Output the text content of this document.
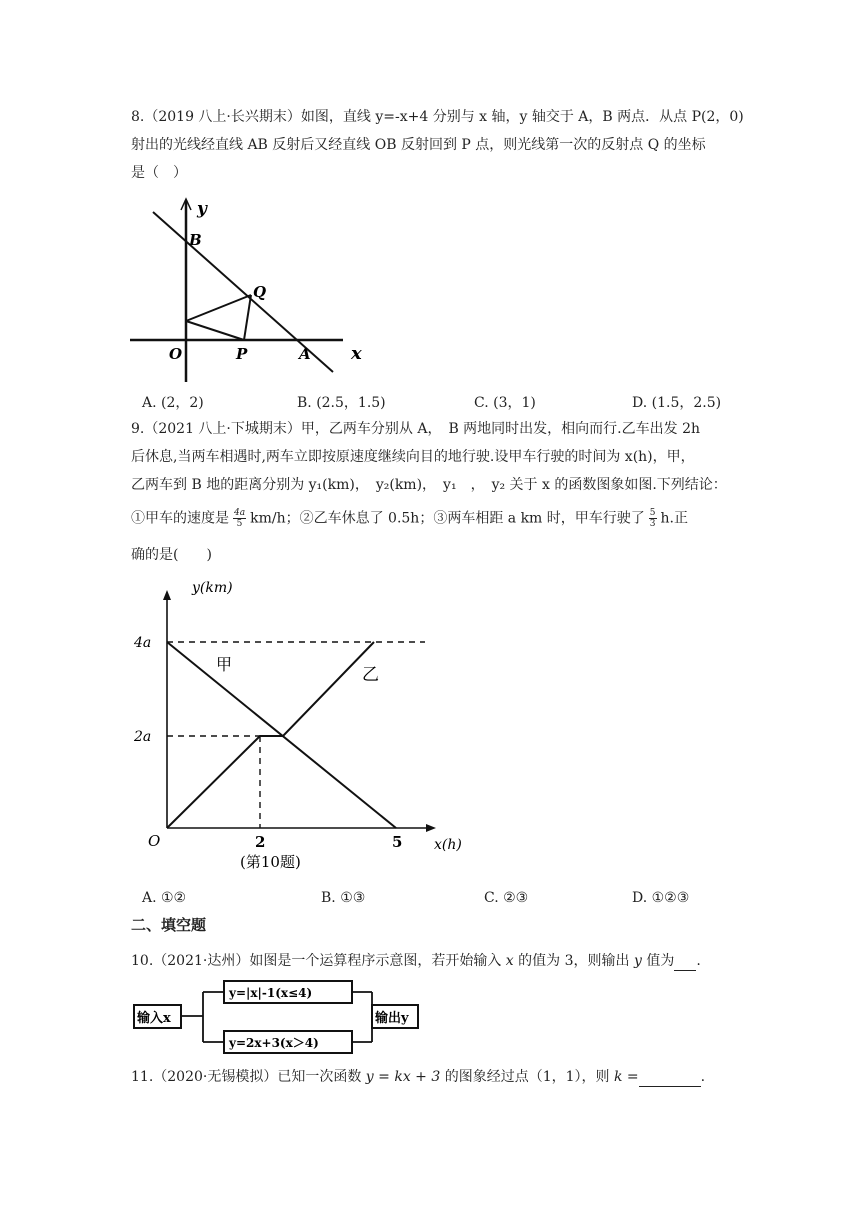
8.（2019 八上·长兴期末）如图，直线 y=-x+4 分别与 x 轴，y 轴交于 A，B 两点．从点 P(2，0)
射出的光线经直线 AB 反射后又经直线 OB 反射回到 P 点，则光线第一次的反射点 Q 的坐标
是（　）
y
B
Q
O	P	A x
A. (2，2)	B. (2.5，1.5)	C. (3，1)	D. (1.5，2.5)
9.（2021 八上·下城期末）甲，乙两车分别从 A，　B 两地同时出发，相向而行.乙车出发 2h
后休息,当两车相遇时,两车立即按原速度继续向目的地行驶.设甲车行驶的时间为 x(h)，甲，
乙两车到 B 地的距离分别为 y₁(km)，　y₂(km)，　y₁　，　y₂ 关于 x 的函数图象如图.下列结论：
①甲车的速度是 $\frac{4a}{5} km/h$；②乙车休息了 0.5h；③两车相距 a km 时，甲车行驶了 $\frac{5}{3} h$.正
确的是(　　)
y(km)
4a
2a
O	2	5 x(h)
甲
乙
(第10题)
A. ①②	B. ①③	C. ②③	D. ①②③
二、填空题
10.（2021·达州）如图是一个运算程序示意图，若开始输入 x 的值为 3，则输出 y 值为 .
输入x
y=|x|-1(x≤4)
y=2x+3(x＞4)
输出y
11.（2020·无锡模拟）已知一次函数 y = kx + 3 的图象经过点（1，1），则 k =	.
